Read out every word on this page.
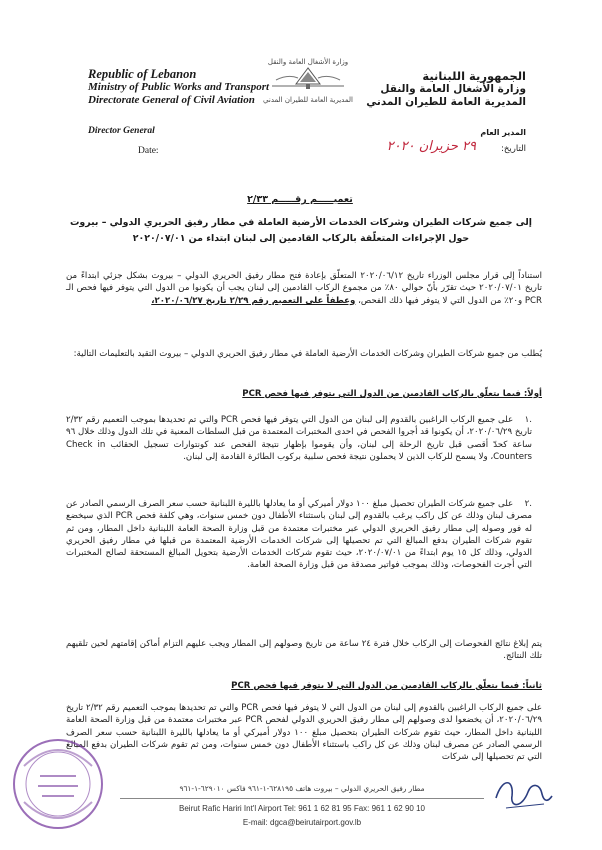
Republic of Lebanon
Ministry of Public Works and Transport
Directorate General of Civil Aviation
وزارة الأشغال العامة والنقل
المديرية العامة للطيران المدني
الجمهورية اللبنانية
وزارة الأشغال العامة والنقل
المديرية العامة للطيران المدني
Director General
Date:
المدير العام
التاريخ:
٢٩ حزيران ٢٠٢٠
تعميـــــم رقـــــم ٢/٣٣
إلى جميع شركات الطيران وشركات الخدمات الأرضية العاملة في مطار رفيق الحريري الدولي – بيروت
حول الإجراءات المتعلّقة بالركاب القادمين إلى لبنان ابتداء من ٢٠٢٠/٠٧/٠١
استناداً إلى قرار مجلس الوزراء تاريخ ٢٠٢٠/٠٦/١٢ المتعلّق بإعادة فتح مطار رفيق الحريري الدولي – بيروت بشكل جزئي ابتداءً من تاريخ ٢٠٢٠/٠٧/٠١ حيث تقرّر بأنّ حوالي ٨٠٪ من مجموع الركاب القادمين إلى لبنان يجب أن يكونوا من الدول التي يتوفر فيها فحص الـ PCR و٢٠٪ من الدول التي لا يتوفر فيها ذلك الفحص، وعطفاً على التعميم رقم ٢/٢٩ تاريخ ٢٠٢٠/٠٦/٢٧،
يُطلب من جميع شركات الطيران وشركات الخدمات الأرضية العاملة في مطار رفيق الحريري الدولي – بيروت التقيد بالتعليمات التالية:
أولاً: فيما يتعلّق بالركاب القادمين من الدول التي يتوفر فيها فحص PCR
.١ على جميع الركاب الراغبين بالقدوم إلى لبنان من الدول التي يتوفر فيها فحص PCR والتي تم تحديدها بموجب التعميم رقم ٢/٣٢ تاريخ ٢٠٢٠/٠٦/٢٩، أن يكونوا قد أجروا الفحص في احدى المختبرات المعتمدة من قبل السلطات المعنية في تلك الدول وذلك خلال ٩٦ ساعة كحدّ أقصى قبل تاريخ الرحلة إلى لبنان، وأن يقوموا بإظهار نتيجة الفحص عند كونتوارات تسجيل الحقائب Check in Counters، ولا يسمح للركاب الذين لا يحملون نتيجة فحص سلبية بركوب الطائرة القادمة إلى لبنان.
.٢ على جميع شركات الطيران تحصيل مبلغ ١٠٠ دولار أميركي أو ما يعادلها بالليرة اللبنانية حسب سعر الصرف الرسمي الصادر عن مصرف لبنان وذلك عن كل راكب يرغب بالقدوم إلى لبنان باستثناء الأطفال دون خمس سنوات، وهي كلفة فحص PCR الذي سيخضع له فور وصوله إلى مطار رفيق الحريري الدولي عبر مختبرات معتمدة من قبل وزارة الصحة العامة اللبنانية داخل المطار، ومن ثم تقوم شركات الطيران بدفع المبالغ التي تم تحصيلها إلى شركات الخدمات الأرضية المعتمدة من قبلها في مطار رفيق الحريري الدولي، وذلك كل ١٥ يوم ابتداءً من ٢٠٢٠/٠٧/٠١، حيث تقوم شركات الخدمات الأرضية بتحويل المبالغ المستحقة لصالح المختبرات التي أجرت الفحوصات، وذلك بموجب فواتير مصدقة من قبل وزارة الصحة العامة.
يتم إبلاغ نتائج الفحوصات إلى الركاب خلال فترة ٢٤ ساعة من تاريخ وصولهم إلى المطار ويجب عليهم التزام أماكن إقامتهم لحين تلقيهم تلك النتائج.
ثانياً: فيما يتعلّق بالركاب القادمين من الدول التي لا يتوفر فيها فحص PCR
على جميع الركاب الراغبين بالقدوم إلى لبنان من الدول التي لا يتوفر فيها فحص PCR والتي تم تحديدها بموجب التعميم رقم ٢/٣٢ تاريخ ٢٠٢٠/٠٦/٢٩، أن يخضعوا لدى وصولهم إلى مطار رفيق الحريري الدولي لفحص PCR عبر مختبرات معتمدة من قبل وزارة الصحة العامة اللبنانية داخل المطار، حيث تقوم شركات الطيران بتحصيل مبلغ ١٠٠ دولار أميركي أو ما يعادلها بالليرة اللبنانية حسب سعر الصرف الرسمي الصادر عن مصرف لبنان وذلك عن كل راكب باستثناء الأطفال دون خمس سنوات، ومن ثم تقوم شركات الطيران بدفع المبالغ التي تم تحصيلها إلى شركات
مطار رفيق الحريري الدولي – بيروت هاتف ٦٢٨١٩٥-١-٩٦١ فاكس ٦٢٩٠١٠-١-٩٦١
Beirut Rafic Hariri Int'l Airport Tel: 961 1 62 81 95 Fax: 961 1 62 90 10
E-mail: dgca@beirutairport.gov.lb
